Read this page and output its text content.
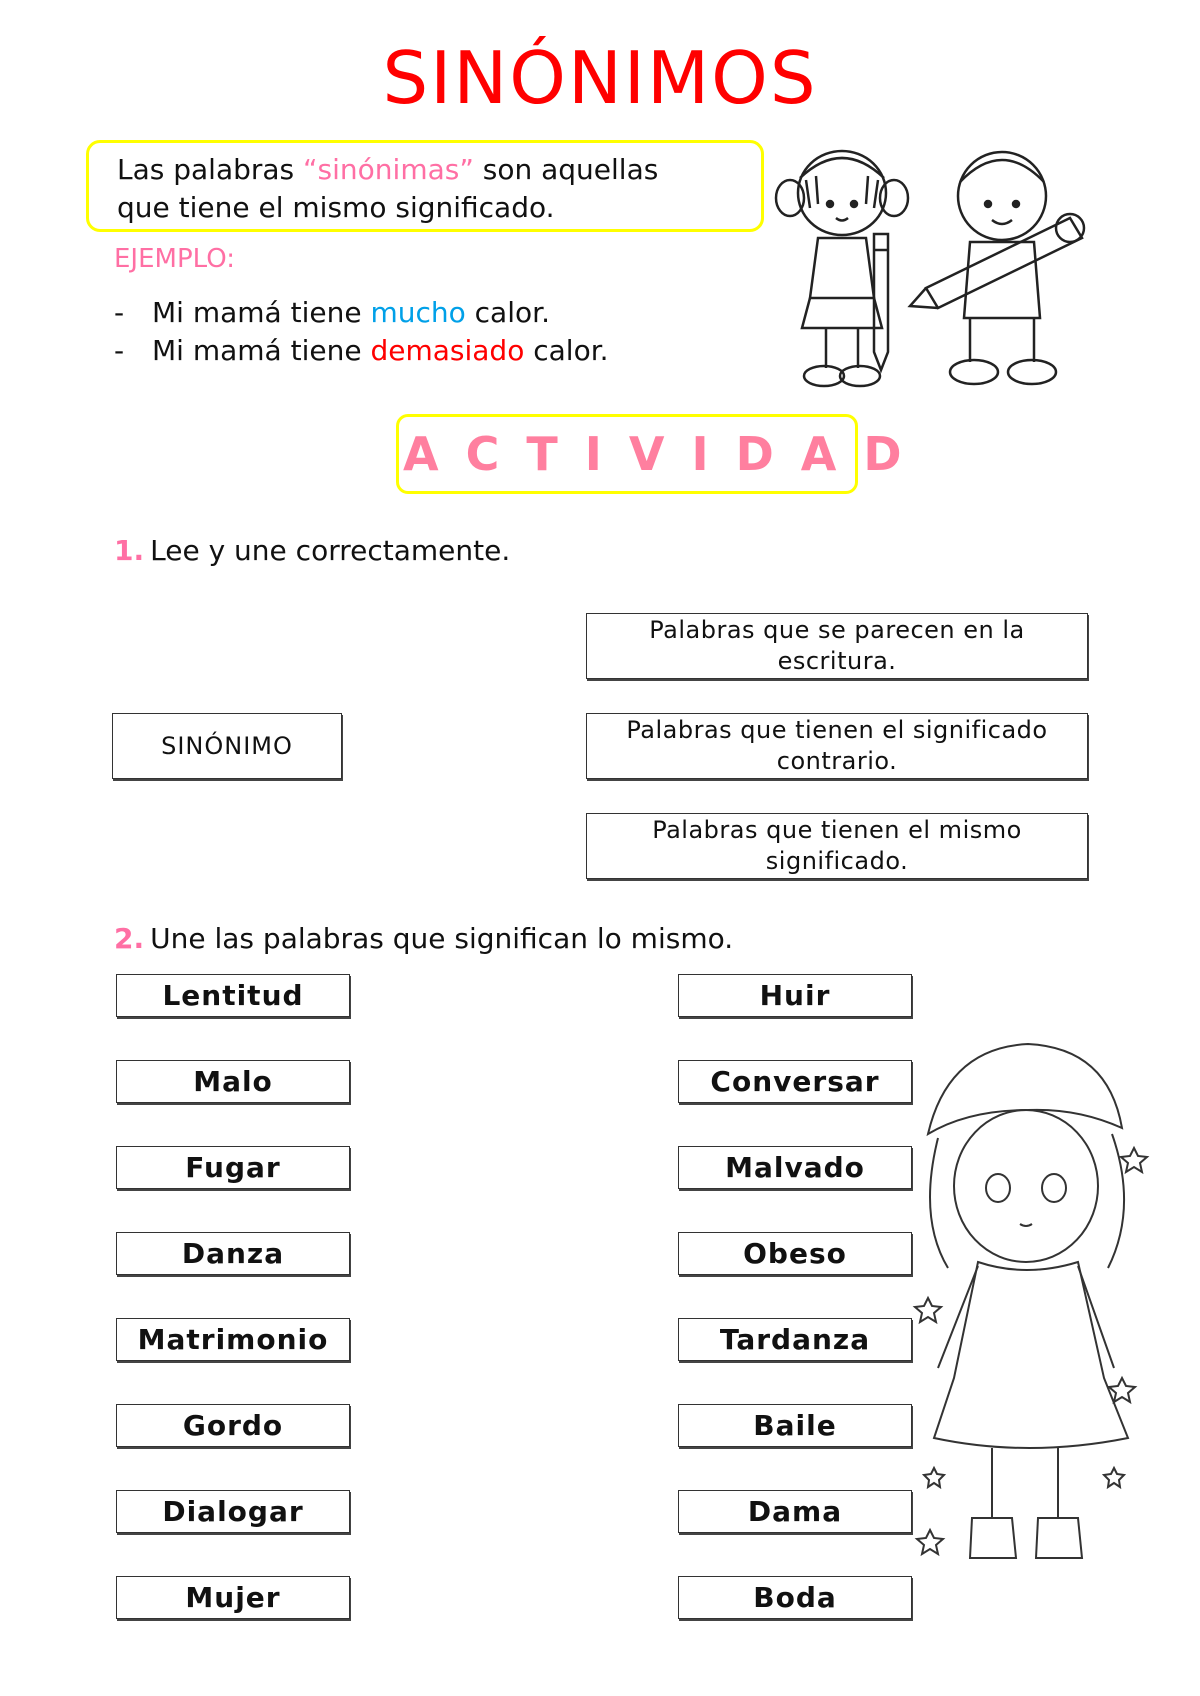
SINÓNIMOS
Las palabras “sinónimas” son aquellas
que tiene el mismo significado.
EJEMPLO:
- Mi mamá tiene mucho calor.
- Mi mamá tiene demasiado calor.
ACTIVIDAD
1. Lee y une correctamente.
SINÓNIMO
Palabras que se parecen en la escritura.
Palabras que tienen el significado contrario.
Palabras que tienen el mismo significado.
2. Une las palabras que significan lo mismo.
Lentitud
Malo
Fugar
Danza
Matrimonio
Gordo
Dialogar
Mujer
Huir
Conversar
Malvado
Obeso
Tardanza
Baile
Dama
Boda
